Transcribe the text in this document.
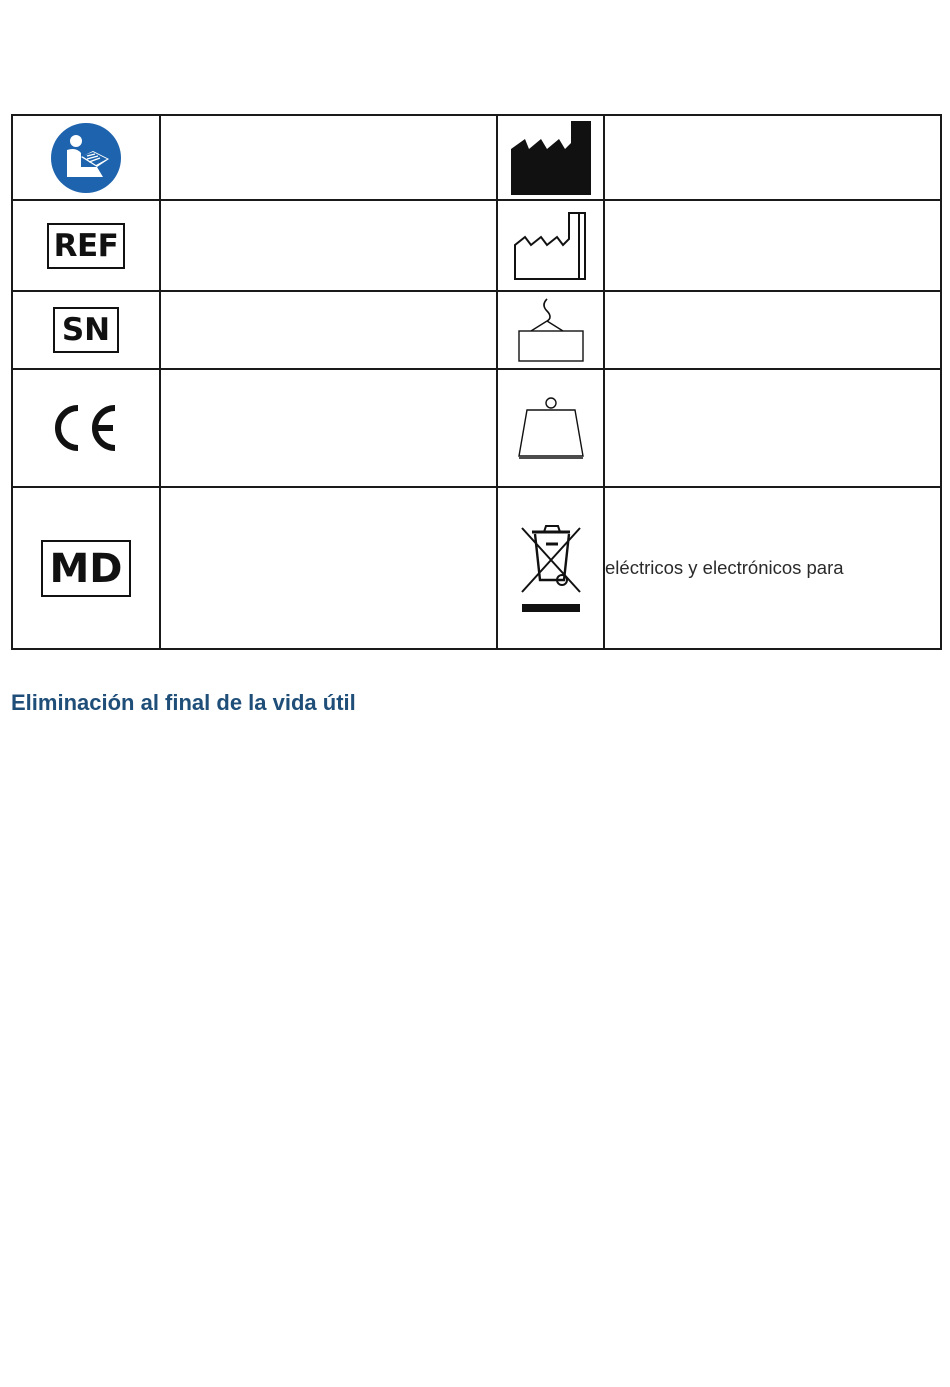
REF			
SN			

MD			eléctricos y electrónicos para
Eliminación al final de la vida útil
